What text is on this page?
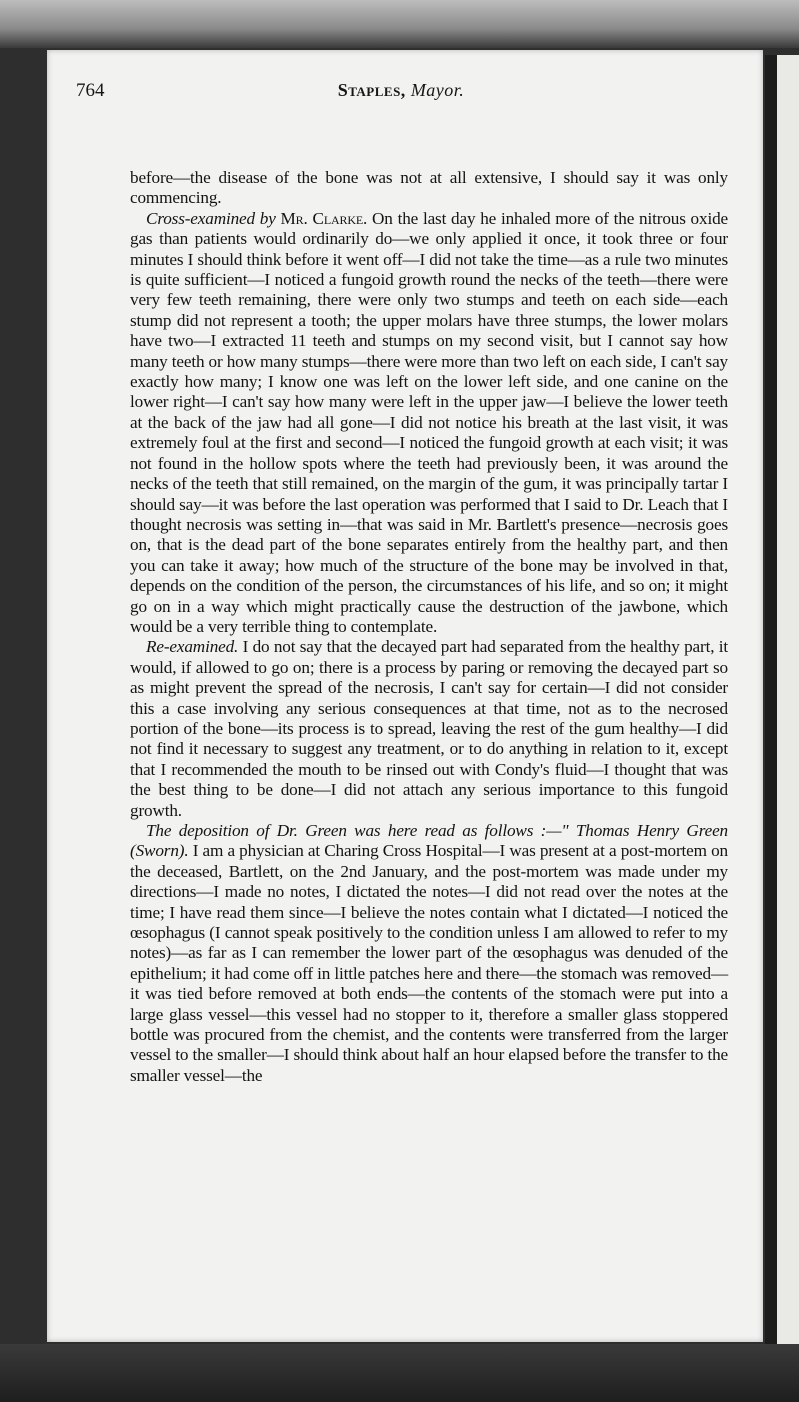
764	Staples, Mayor.

before—the disease of the bone was not at all extensive, I should say it was only commencing.

Cross-examined by Mr. Clarke. On the last day he inhaled more of the nitrous oxide gas than patients would ordinarily do—we only applied it once, it took three or four minutes I should think before it went off—I did not take the time—as a rule two minutes is quite sufficient—I noticed a fungoid growth round the necks of the teeth—there were very few teeth remaining, there were only two stumps and teeth on each side—each stump did not represent a tooth; the upper molars have three stumps, the lower molars have two—I extracted 11 teeth and stumps on my second visit, but I cannot say how many teeth or how many stumps—there were more than two left on each side, I can't say exactly how many; I know one was left on the lower left side, and one canine on the lower right—I can't say how many were left in the upper jaw—I believe the lower teeth at the back of the jaw had all gone—I did not notice his breath at the last visit, it was extremely foul at the first and second—I noticed the fungoid growth at each visit; it was not found in the hollow spots where the teeth had previously been, it was around the necks of the teeth that still remained, on the margin of the gum, it was principally tartar I should say—it was before the last operation was performed that I said to Dr. Leach that I thought necrosis was setting in—that was said in Mr. Bartlett's presence—necrosis goes on, that is the dead part of the bone separates entirely from the healthy part, and then you can take it away; how much of the structure of the bone may be involved in that, depends on the condition of the person, the circumstances of his life, and so on; it might go on in a way which might practically cause the destruction of the jawbone, which would be a very terrible thing to contemplate.

Re-examined. I do not say that the decayed part had separated from the healthy part, it would, if allowed to go on; there is a process by paring or removing the decayed part so as might prevent the spread of the necrosis, I can't say for certain—I did not consider this a case involving any serious consequences at that time, not as to the necrosed portion of the bone—its process is to spread, leaving the rest of the gum healthy—I did not find it necessary to suggest any treatment, or to do anything in relation to it, except that I recommended the mouth to be rinsed out with Condy's fluid—I thought that was the best thing to be done—I did not attach any serious importance to this fungoid growth.

The deposition of Dr. Green was here read as follows :—" Thomas Henry Green (Sworn). I am a physician at Charing Cross Hospital—I was present at a post-mortem on the deceased, Bartlett, on the 2nd January, and the post-mortem was made under my directions—I made no notes, I dictated the notes—I did not read over the notes at the time; I have read them since—I believe the notes contain what I dictated—I noticed the œsophagus (I cannot speak positively to the condition unless I am allowed to refer to my notes)—as far as I can remember the lower part of the œsophagus was denuded of the epithelium; it had come off in little patches here and there—the stomach was removed—it was tied before removed at both ends—the contents of the stomach were put into a large glass vessel—this vessel had no stopper to it, therefore a smaller glass stoppered bottle was procured from the chemist, and the contents were transferred from the larger vessel to the smaller—I should think about half an hour elapsed before the transfer to the smaller vessel—the
